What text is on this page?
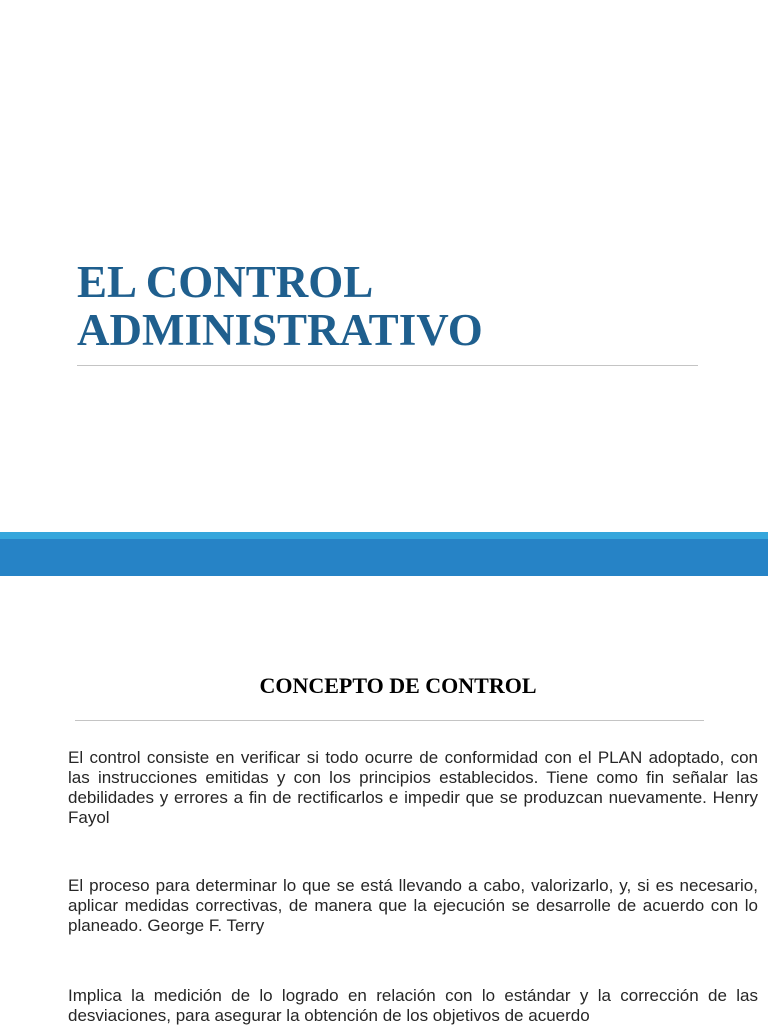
EL CONTROL
ADMINISTRATIVO
CONCEPTO DE CONTROL

El control consiste en verificar si todo ocurre de conformidad con el PLAN adoptado, con las instrucciones emitidas y con los principios establecidos. Tiene como fin señalar las debilidades y errores a fin de rectificarlos e impedir que se produzcan nuevamente. Henry Fayol

El proceso para determinar lo que se está llevando a cabo, valorizarlo, y, si es necesario, aplicar medidas correctivas, de manera que la ejecución se desarrolle de acuerdo con lo planeado. George F. Terry

Implica la medición de lo logrado en relación con lo estándar y la corrección de las desviaciones, para asegurar la obtención de los objetivos de acuerdo
